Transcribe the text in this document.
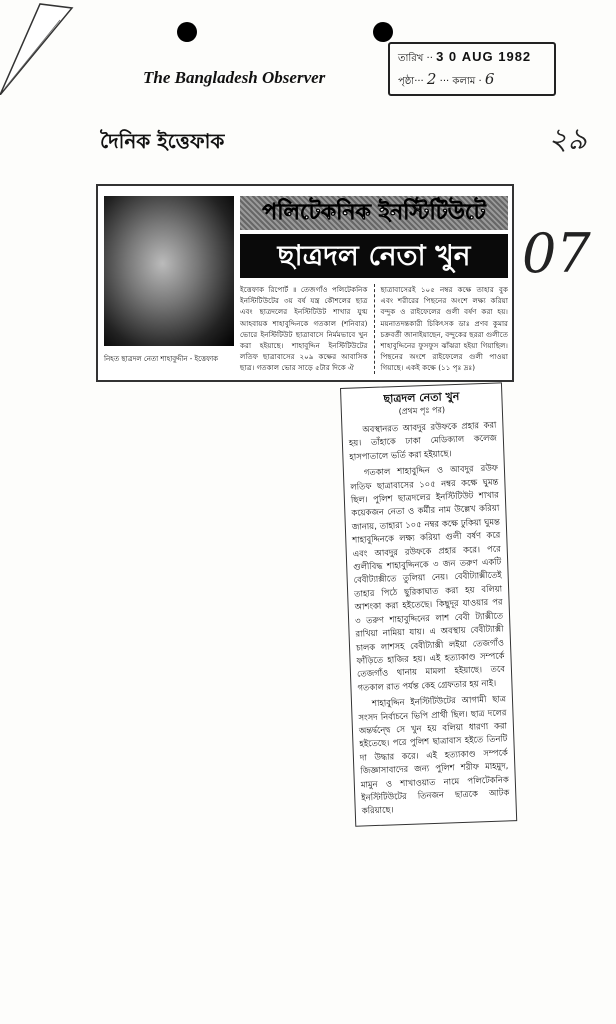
The Bangladesh Observer
তারিখ ·· 3 0 AUG 1982
পৃষ্ঠা··· 2 ··· কলাম · 6
দৈনিক ইত্তেফাক	২৯
07
নিহত ছাত্রদল নেতা শাহাবুদ্দীন - ইত্তেফাক
পলিটেকনিক ইনস্টিটিউটে
ছাত্রদল নেতা খুন
ইত্তেফাক রিপোর্ট ॥ তেজগাঁও পলিটেকনিক ইনস্টিটিউটের ৩য় বর্ষ যন্ত্র কৌশলের ছাত্র এবং ছাত্রদলের ইনস্টিটিউট শাখার যুগ্ম আহবায়ক শাহাবুদ্দিনকে গতকাল (শনিবার) ভোরে ইনস্টিটিউট ছাত্রাবাসে নির্মমভাবে খুন করা হইয়াছে। শাহাবুদ্দিন ইনস্টিটিউটের লতিফ ছাত্রাবাসের ২০৯ কক্ষের আবাসিক ছাত্র। গতকাল ভোর সাড়ে ৫টার দিকে ঐ
ছাত্রাবাসেরই ১০৫ নম্বর কক্ষে তাহার বুক এবং শরীরের পিছনের অংশে লক্ষ্য করিয়া বন্দুক ও রাইফেলের গুলী বর্ষণ করা হয়। ময়নাতদন্তকারী চিকিৎসক ডাঃ প্রণব কুমার চক্রবর্তী জানাইয়াছেন, বন্দুকের ছররা গুলীতে শাহাবুদ্দিনের ফুসফুস ঝাঁঝরা হইয়া গিয়াছিল। পিছনের অংশে রাইফেলের গুলী পাওয়া গিয়াছে। একই কক্ষে (১১ পৃঃ দ্রঃ)
ছাত্রদল নেতা খুন
(প্রথম পৃঃ পর)

অবস্থানরত আবদুর রউফকে প্রহার করা হয়। তাঁহাকে ঢাকা মেডিক্যাল কলেজ হাসপাতালে ভর্তি করা হইয়াছে।

গতকাল শাহাবুদ্দিন ও আবদুর রউফ লতিফ ছাত্রাবাসের ১০৫ নম্বর কক্ষে ঘুমন্ত ছিল। পুলিশ ছাত্রদলের ইনস্টিটিউট শাখার কয়েকজন নেতা ও কর্মীর নাম উল্লেখ করিয়া জানায়, তাহারা ১০৫ নম্বর কক্ষে ঢুকিয়া ঘুমন্ত শাহাবুদ্দিনকে লক্ষ্য করিয়া গুলী বর্ষণ করে এবং আবদুর রউফকে প্রহার করে। পরে গুলীবিদ্ধ শাহাবুদ্দিনকে ৩ জন তরুণ একটি বেবীট্যাক্সীতে তুলিয়া নেয়। বেবীট্যাক্সীতেই তাহার পিঠে ছুরিকাঘাত করা হয় বলিয়া আশংকা করা হইতেছে। কিছুদূর যাওয়ার পর ৩ তরুণ শাহাবুদ্দিনের লাশ বেবী ট্যাক্সীতে রাখিয়া নামিয়া যায়। এ অবস্থায় বেবীট্যাক্সী চালক লাশসহ বেবীট্যাক্সী লইয়া তেজগাঁও ফাঁড়িতে হাজির হয়। এই হত্যাকাণ্ড সম্পর্কে তেজগাঁও থানায় মামলা হইয়াছে। তবে গতকাল রাত পর্যন্ত কেহ গ্রেফতার হয় নাই।

শাহাবুদ্দিন ইনস্টিটিউটের আগামী ছাত্র সংসদ নির্বাচনে ভিপি প্রার্থী ছিল। ছাত্র দলের অন্তর্দ্বন্দ্বে সে খুন হয় বলিয়া ধারণা করা হইতেছে। পরে পুলিশ ছাত্রাবাস হইতে তিনটি দা উদ্ধার করে। এই হত্যাকাণ্ড সম্পর্কে জিজ্ঞাসাবাদের জন্য পুলিশ শরীফ মাহমুদ, মামুন ও শাখাওয়াত নামে পলিটেকনিক ইনস্টিটিউটের তিনজন ছাত্রকে আটক করিয়াছে।
